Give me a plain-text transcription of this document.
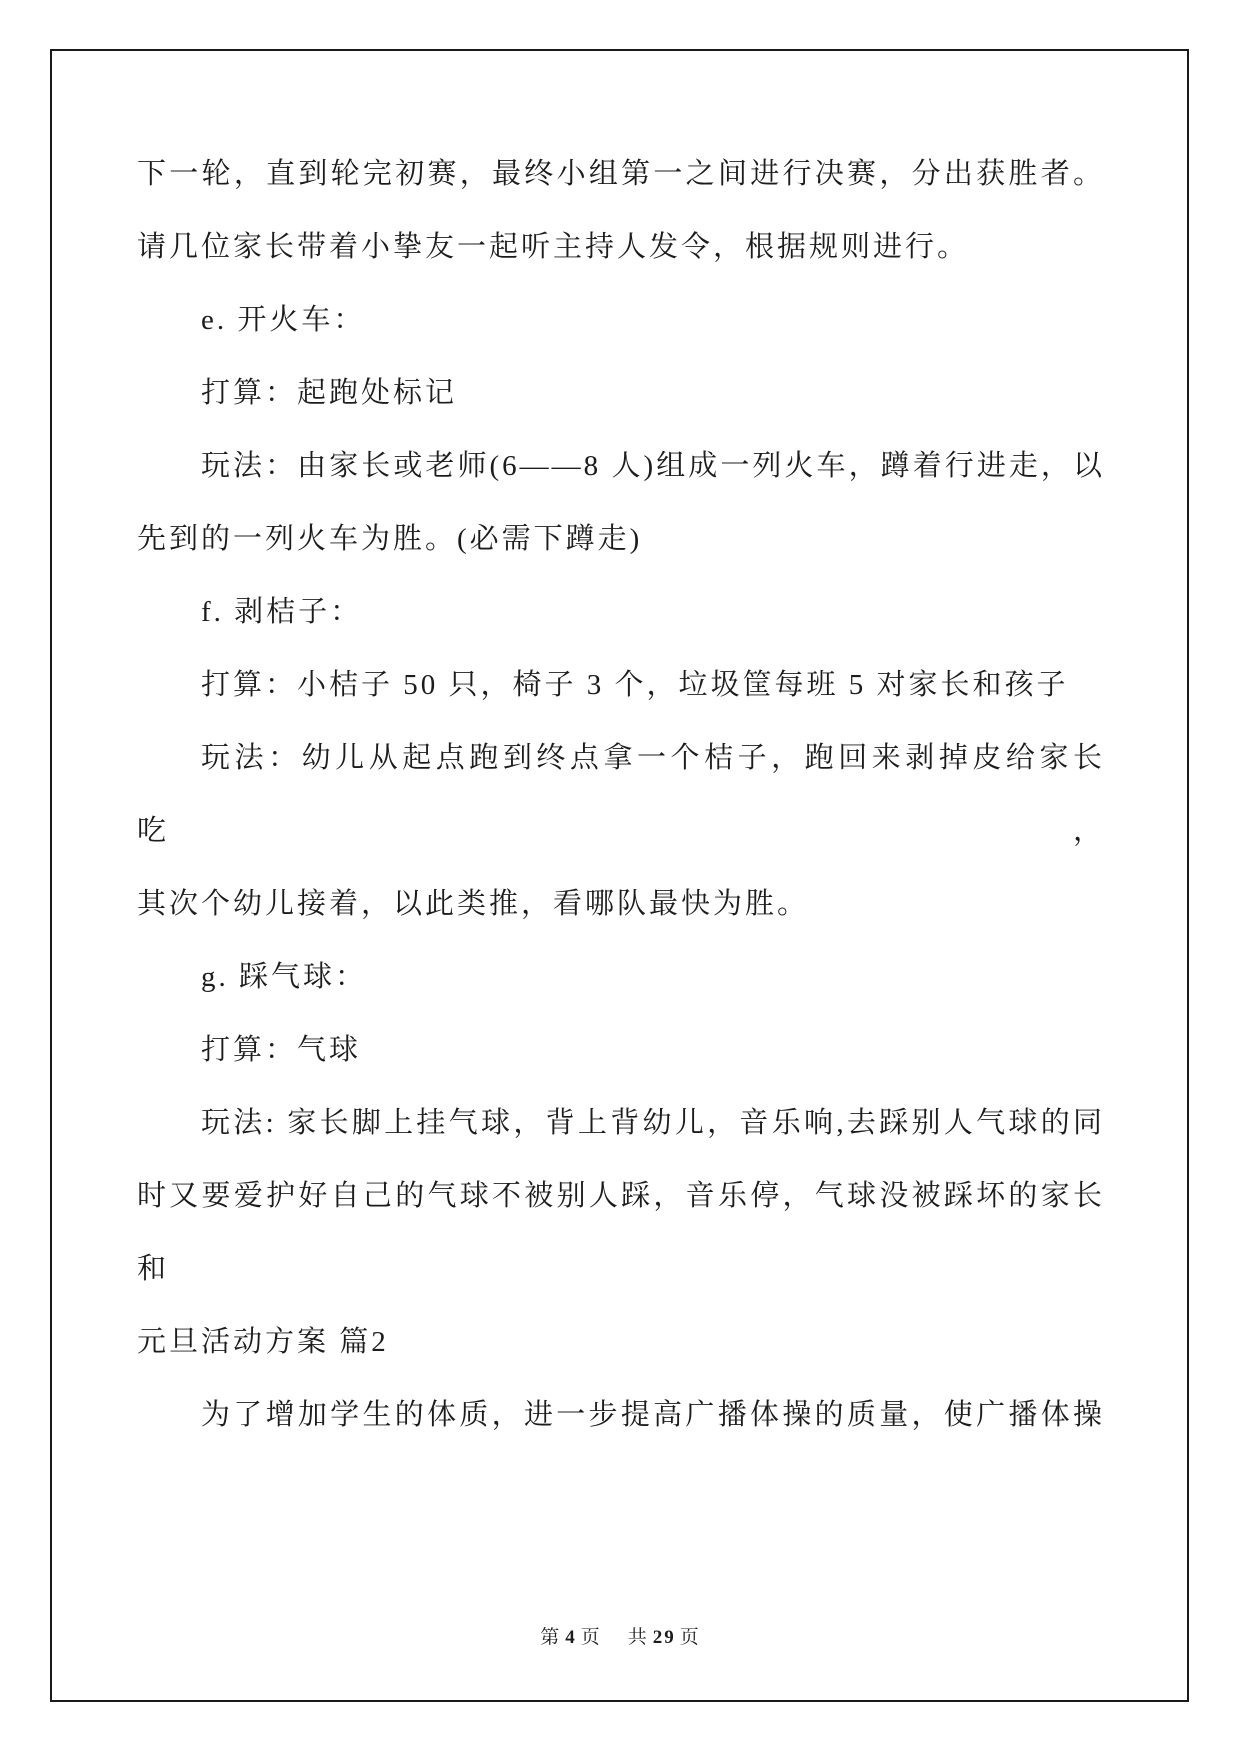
下一轮，直到轮完初赛，最终小组第一之间进行决赛，分出获胜者。
请几位家长带着小挚友一起听主持人发令，根据规则进行。
e. 开火车：
打算：起跑处标记
玩法：由家长或老师(6——8 人)组成一列火车，蹲着行进走，以
先到的一列火车为胜。(必需下蹲走)
f. 剥桔子：
打算：小桔子 50 只，椅子 3 个，垃圾筐每班 5 对家长和孩子
玩法：幼儿从起点跑到终点拿一个桔子，跑回来剥掉皮给家长吃，
其次个幼儿接着，以此类推，看哪队最快为胜。
g. 踩气球：
打算：气球
玩法: 家长脚上挂气球，背上背幼儿，音乐响,去踩别人气球的同
时又要爱护好自己的气球不被别人踩，音乐停，气球没被踩坏的家长
和
元旦活动方案 篇2
为了增加学生的体质，进一步提高广播体操的质量，使广播体操
第 4 页 共 29 页
